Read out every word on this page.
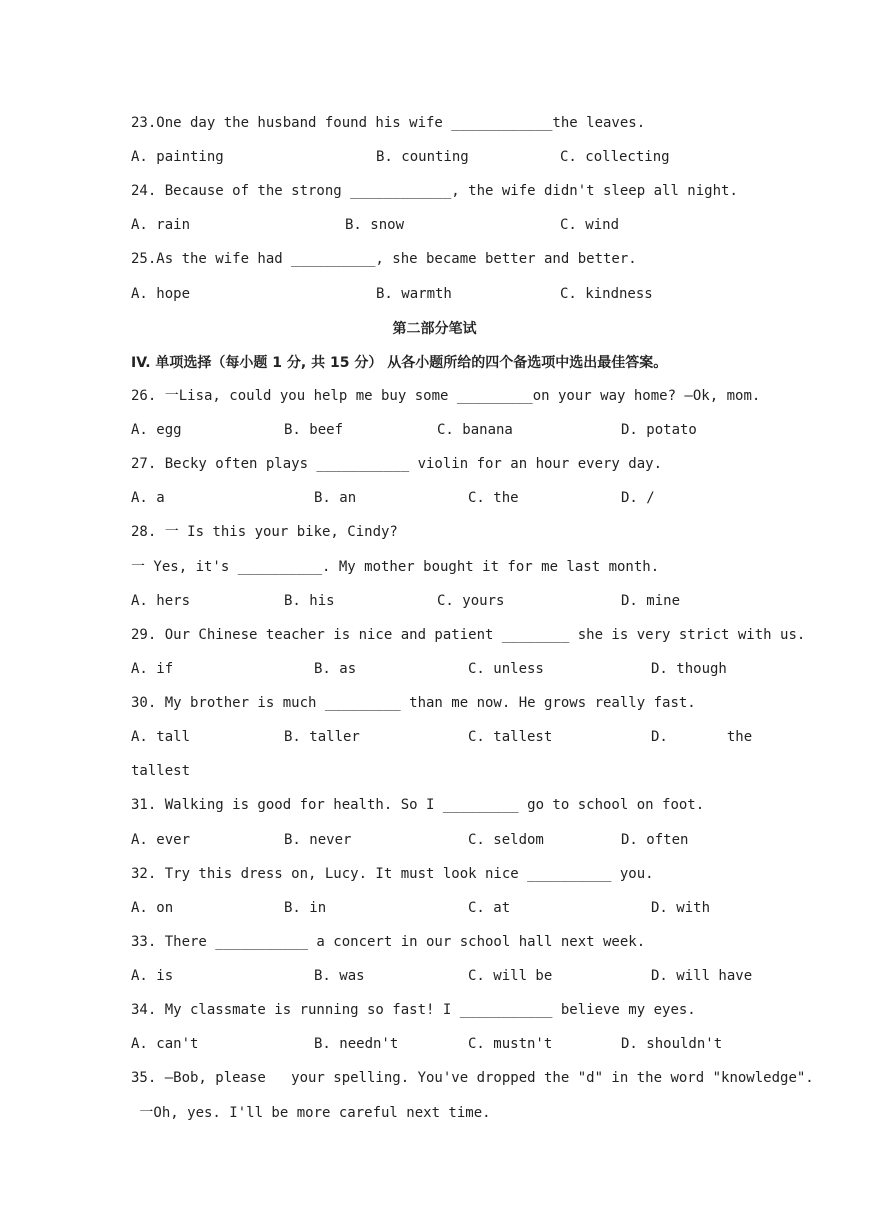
23.One day the husband found his wife ____________the leaves.
A. painting	B. counting	C. collecting
24. Because of the strong ____________, the wife didn't sleep all night.
A. rain	B. snow	C. wind
25.As the wife had __________, she became better and better.
A. hope	B. warmth	C. kindness
第二部分笔试
IV. 单项选择（每小题 1 分, 共 15 分） 从各小题所给的四个备选项中选出最佳答案。
26. 一Lisa, could you help me buy some _________on your way home? —Ok, mom.
A. egg	B. beef	C. banana	D. potato
27. Becky often plays ___________ violin for an hour every day.
A. a	B. an	C. the	D. /
28. 一 Is this your bike, Cindy?
一 Yes, it's __________. My mother bought it for me last month.
A. hers	B. his	C. yours	D. mine
29. Our Chinese teacher is nice and patient ________ she is very strict with us.
A. if	B. as	C. unless	D. though
30. My brother is much _________ than me now. He grows really fast.
A. tall	B. taller	C. tallest	D.       the
tallest
31. Walking is good for health. So I _________ go to school on foot.
A. ever	B. never	C. seldom	D. often
32. Try this dress on, Lucy. It must look nice __________ you.
A. on	B. in	C. at	D. with
33. There ___________ a concert in our school hall next week.
A. is	B. was	C. will be	D. will have
34. My classmate is running so fast! I ___________ believe my eyes.
A. can't	B. needn't	C. mustn't	D. shouldn't
35. —Bob, please   your spelling. You've dropped the "d" in the word "knowledge".
一Oh, yes. I'll be more careful next time.
